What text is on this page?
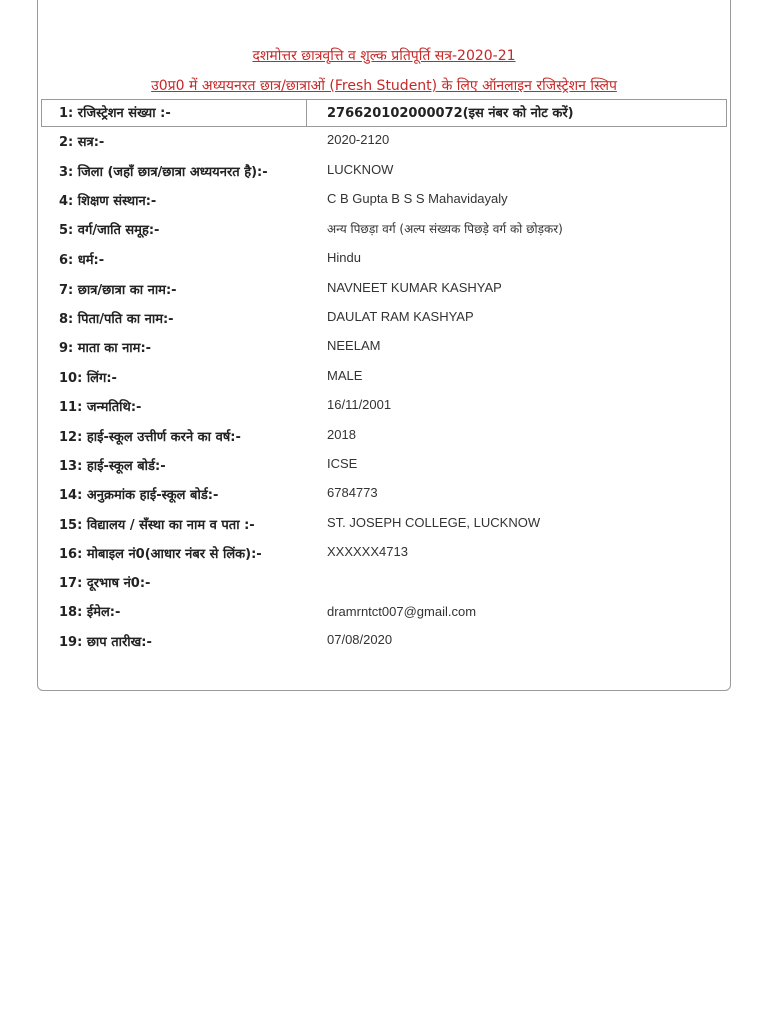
दशमोत्तर छात्रवृत्ति व शुल्क प्रतिपूर्ति सत्र-2020-21
उ0प्र0 में अध्ययनरत छात्र/छात्राओं (Fresh Student) के लिए ऑनलाइन रजिस्ट्रेशन स्लिप
1: रजिस्ट्रेशन संख्या :-	27662010200007​2(इस नंबर को नोट करें)
2: सत्र:-	2020-2120
3: जिला (जहाँ छात्र/छात्रा अध्ययनरत है):-	LUCKNOW
4: शिक्षण संस्थान:-	C B Gupta B S S Mahavidayaly
5: वर्ग/जाति समूह:-	अन्य पिछड़ा वर्ग (अल्प संख्यक पिछड़े वर्ग को छोड़कर)
6: धर्म:-	Hindu
7: छात्र/छात्रा का नाम:-	NAVNEET KUMAR KASHYAP
8: पिता/पति का नाम:-	DAULAT RAM KASHYAP
9: माता का नाम:-	NEELAM
10: लिंग:-	MALE
11: जन्मतिथि:-	16/11/2001
12: हाई-स्कूल उत्तीर्ण करने का वर्ष:-	2018
13: हाई-स्कूल बोर्ड:-	ICSE
14: अनुक्रमांक हाई-स्कूल बोर्ड:-	6784773
15: विद्यालय / सँस्था का नाम व पता :-	ST. JOSEPH COLLEGE, LUCKNOW
16: मोबाइल नं0(आधार नंबर से लिंक):-	XXXXXX4713
17: दूरभाष नं0:-
18: ईमेल:-	dramrntct007@gmail.com
19: छाप तारीख:-	07/08/2020
